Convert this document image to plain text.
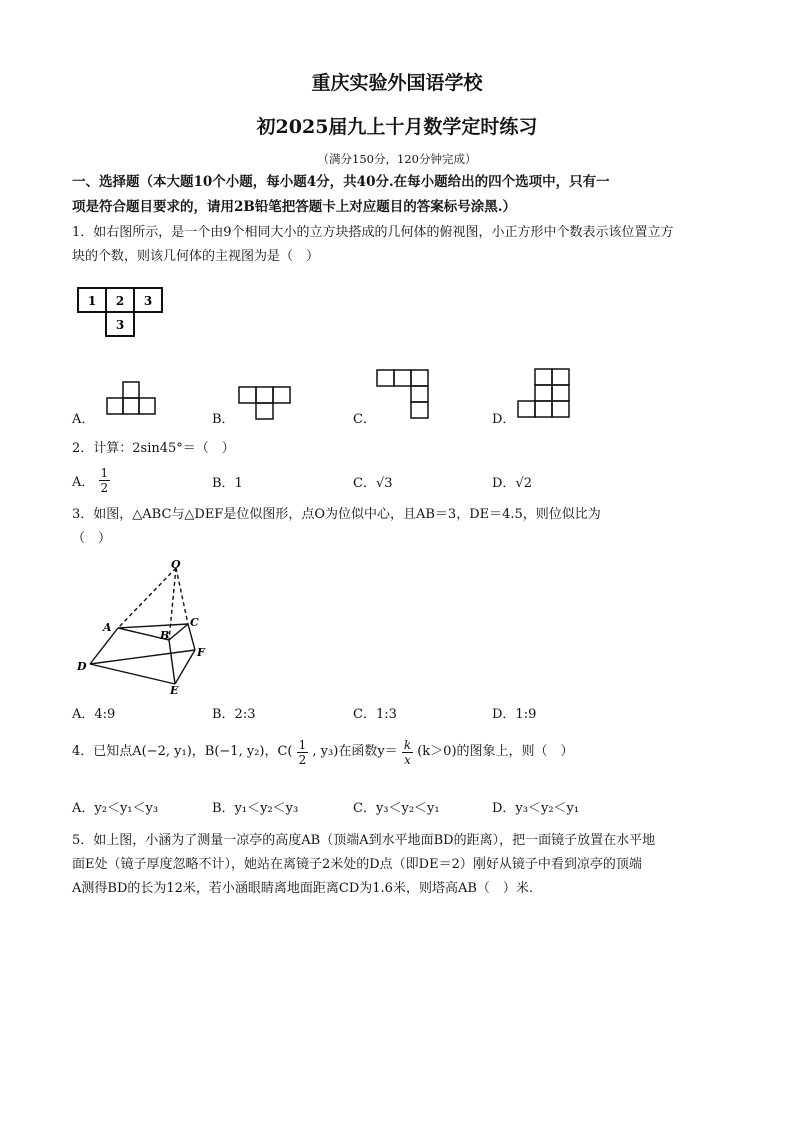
重庆实验外国语学校
初2025届九上十月数学定时练习
（满分150分，120分钟完成）
一、选择题（本大题10个小题，每小题4分，共40分.在每小题给出的四个选项中，只有一
项是符合题目要求的，请用2B铅笔把答题卡上对应题目的答案标号涂黑.）
1．如右图所示，是一个由9个相同大小的立方块搭成的几何体的俯视图，小正方形中个数表示该位置立方
块的个数，则该几何体的主视图为是（　）
1 2 3
3
A．	B．	C．	D．
2．计算：2sin45°＝（　）
A． $\frac{1}{2}$	B．1	C．√3	D．√2
3．如图，△ABC与△DEF是位似图形，点O为位似中心，且AB＝3，DE＝4.5，则位似比为
（　）
O
A
B
C
D
E
F
A．4:9	B．2:3	C．1:3	D．1:9
4．已知点A(−2, y₁)，B(−1, y₂)，$C( \frac{1}{2}$ , y₃)在函数$y= \frac{k}{x} (k>0)$的图象上，则（　）
A．y₂＜y₁＜y₃	B．y₁＜y₂＜y₃	C．y₃＜y₂＜y₁	D．y₃＜y₂＜y₁
5．如上图，小涵为了测量一凉亭的高度AB（顶端A到水平地面BD的距离），把一面镜子放置在水平地
面E处（镜子厚度忽略不计），她站在离镜子2米处的D点（即DE＝2）刚好从镜子中看到凉亭的顶端
A测得BD的长为12米，若小涵眼睛离地面距离CD为1.6米，则塔高AB（　）米.
